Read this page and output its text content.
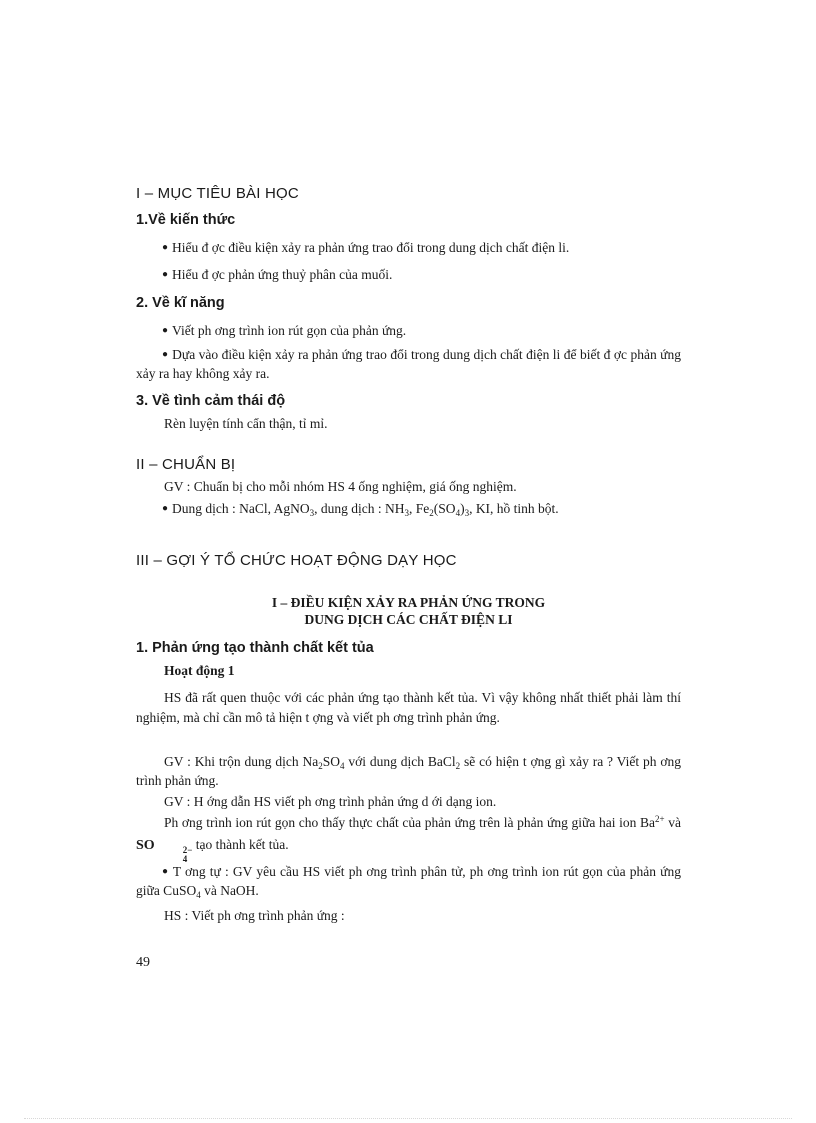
I – MỤC TIÊU BÀI HỌC
1.Về kiến thức
● Hiểu đ ợc điều kiện xảy ra phản ứng trao đổi trong dung dịch chất điện li.
● Hiểu đ ợc phản ứng thuỷ phân của muối.
2. Về kĩ năng
● Viết ph ơng trình ion rút gọn của phản ứng.
● Dựa vào điều kiện xảy ra phản ứng trao đổi trong dung dịch chất điện li để biết đ ợc phản ứng xảy ra hay không xảy ra.
3. Về tình cảm thái độ
Rèn luyện tính cẩn thận, tỉ mỉ.
II – CHUẨN BỊ
GV : Chuẩn bị cho mỗi nhóm HS 4 ống nghiệm, giá ống nghiệm.
● Dung dịch : NaCl, AgNO$_3$, dung dịch : $NH_3$, $Fe_2(SO_4)_3$, KI, hồ tinh bột.
III – GỢI Ý TỔ CHỨC HOẠT ĐỘNG DẠY HỌC
I – ĐIỀU KIỆN XẢY RA PHẢN ỨNG TRONG
DUNG DỊCH CÁC CHẤT ĐIỆN LI
1. Phản ứng tạo thành chất kết tủa
Hoạt động 1
HS đã rất quen thuộc với các phản ứng tạo thành kết tủa. Vì vậy không nhất thiết phải làm thí nghiệm, mà chỉ cần mô tả hiện t ợng và viết ph ơng trình phản ứng.
GV : Khi trộn dung dịch $Na_2SO_4$ với dung dịch BaCl$_2$ sẽ có hiện t ợng gì xảy ra ? Viết ph ơng trình phản ứng.
GV : H ớng dẫn HS viết ph ơng trình phản ứng d ới dạng ion.
Ph ơng trình ion rút gọn cho thấy thực chất của phản ứng trên là phản ứng giữa hai ion $Ba^{2+}$ và SO	2−
4
tạo thành kết tủa.
● T ơng tự : GV yêu cầu HS viết ph ơng trình phân tử, ph ơng trình ion rút gọn của phản ứng giữa CuSO$_4$ và NaOH.
HS : Viết ph ơng trình phản ứng :
49
